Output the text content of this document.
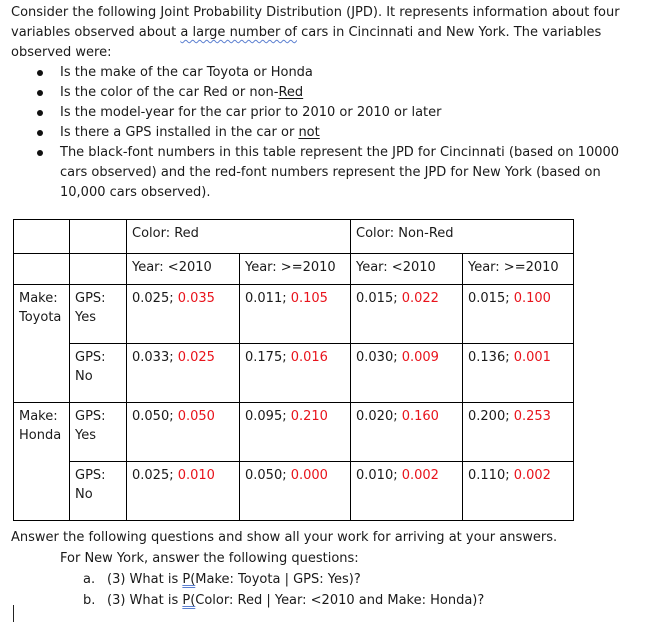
Consider the following Joint Probability Distribution (JPD). It represents information about four

variables observed about a large number of cars in Cincinnati and New York. The variables

observed were:

Is the make of the car Toyota or Honda
Is the color of the car Red or non-Red
Is the model-year for the car prior to 2010 or 2010 or later
Is there a GPS installed in the car or not
The black-font numbers in this table represent the JPD for Cincinnati (based on 10000 cars observed) and the red-font numbers represent the JPD for New York (based on 10,000 cars observed).
		Color: Red		Color: Non-Red	
		Year: <2010	Year: >=2010	Year: <2010	Year: >=2010
Make: Toyota	GPS: Yes	0.025; 0.035	0.011; 0.105	0.015; 0.022	0.015; 0.100
	GPS: No	0.033; 0.025	0.175; 0.016	0.030; 0.009	0.136; 0.001
Make: Honda	GPS: Yes	0.050; 0.050	0.095; 0.210	0.020; 0.160	0.200; 0.253
	GPS: No	0.025; 0.010	0.050; 0.000	0.010; 0.002	0.110; 0.002

Answer the following questions and show all your work for arriving at your answers.

For New York, answer the following questions:

a. (3) What is P(Make: Toyota | GPS: Yes)?
b. (3) What is P(Color: Red | Year: <2010 and Make: Honda)?
